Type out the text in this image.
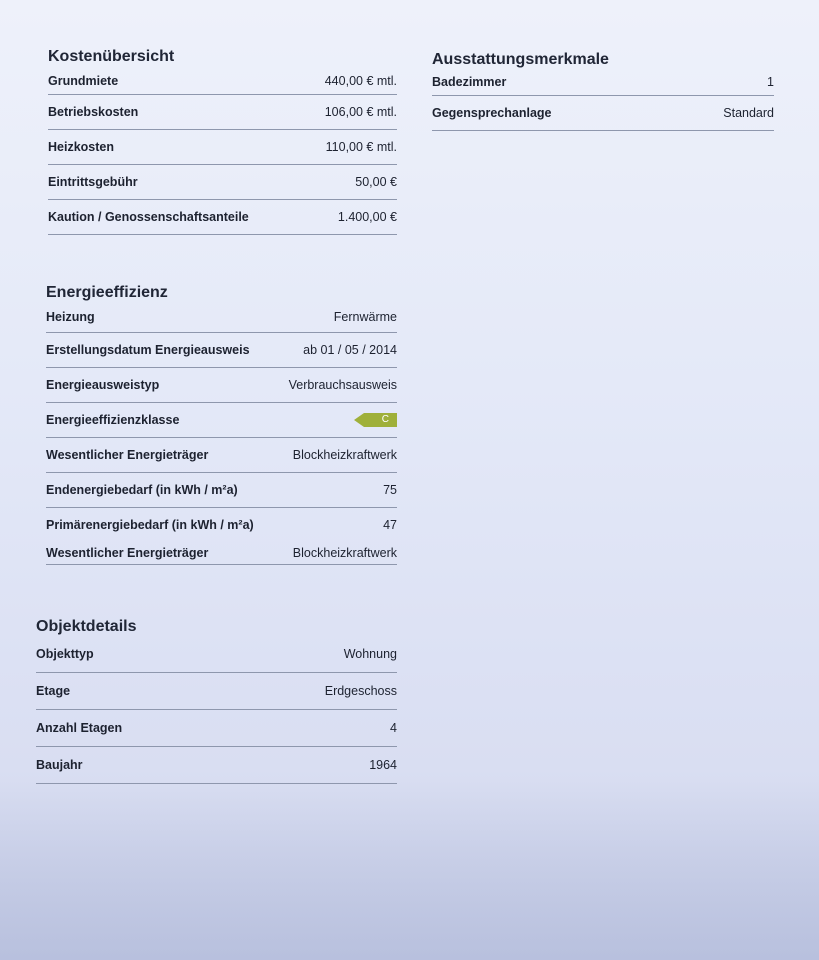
Kostenübersicht
Grundmiete	440,00 € mtl.
Betriebskosten	106,00 € mtl.
Heizkosten	110,00 € mtl.
Eintrittsgebühr	50,00 €
Kaution / Genossenschaftsanteile	1.400,00 €
Ausstattungsmerkmale
Badezimmer	1
Gegensprechanlage	Standard
Energieeffizienz
Heizung	Fernwärme
Erstellungsdatum Energieausweis	ab 01 / 05 / 2014
Energieausweistyp	Verbrauchsausweis
Energieeffizienzklasse	C
Wesentlicher Energieträger	Blockheizkraftwerk
Endenergiebedarf (in kWh / m²a)	75
Primärenergiebedarf (in kWh / m²a)	47
Wesentlicher Energieträger	Blockheizkraftwerk
Objektdetails
Objekttyp	Wohnung
Etage	Erdgeschoss
Anzahl Etagen	4
Baujahr	1964
